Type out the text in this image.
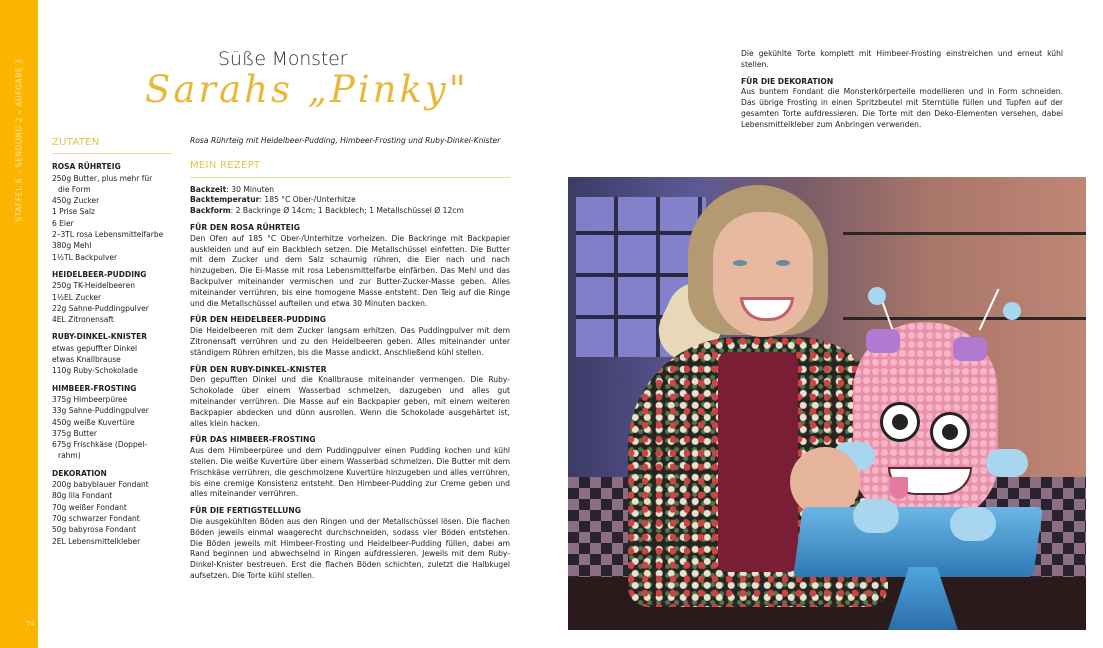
STAFFEL 6 – SENDUNG 2 – AUFGABE 3
74
Süße Monster
Sarahs „Pinky"
ZUTATEN
ROSA RÜHRTEIG
250g Butter, plus mehr für
die Form
450g Zucker
1 Prise Salz
6 Eier
2–3TL rosa Lebensmittelfarbe
380g Mehl
1½TL Backpulver
HEIDELBEER-PUDDING
250g TK-Heidelbeeren
1½EL Zucker
22g Sahne-Puddingpulver
4EL Zitronensaft
RUBY-DINKEL-KNISTER
etwas gepuffter Dinkel
etwas Knallbrause
110g Ruby-Schokolade
HIMBEER-FROSTING
375g Himbeerpüree
33g Sahne-Puddingpulver
450g weiße Kuvertüre
375g Butter
675g Frischkäse (Doppel-
rahm)
DEKORATION
200g babyblauer Fondant
80g lila Fondant
70g weißer Fondant
70g schwarzer Fondant
50g babyrosa Fondant
2EL Lebensmittelkleber
Rosa Rührteig mit Heidelbeer-Pudding, Himbeer-Frosting und Ruby-Dinkel-Knister
MEIN REZEPT
Backzeit: 30 Minuten
Backtemperatur: 185 °C Ober-/Unterhitze
Backform: 2 Backringe Ø 14cm; 1 Backblech; 1 Metallschüssel Ø 12cm
FÜR DEN ROSA RÜHRTEIG
Den Ofen auf 185 °C Ober-/Unterhitze vorheizen. Die Backringe mit Backpapier auskleiden und auf ein Backblech setzen. Die Metallschüssel einfetten. Die Butter mit dem Zucker und dem Salz schaumig rühren, die Eier nach und nach hinzugeben. Die Ei-Masse mit rosa Lebensmittelfarbe einfärben. Das Mehl und das Backpulver miteinander vermischen und zur Butter-Zucker-Masse geben. Alles miteinander verrühren, bis eine homogene Masse entsteht. Den Teig auf die Ringe und die Metallschüssel aufteilen und etwa 30 Minuten backen.
FÜR DEN HEIDELBEER-PUDDING
Die Heidelbeeren mit dem Zucker langsam erhitzen. Das Puddingpulver mit dem Zitronensaft verrühren und zu den Heidelbeeren geben. Alles miteinander unter ständigem Rühren erhitzen, bis die Masse andickt. Anschließend kühl stellen.
FÜR DEN RUBY-DINKEL-KNISTER
Den gepufften Dinkel und die Knallbrause miteinander vermengen. Die Ruby-Schokolade über einem Wasserbad schmelzen, dazugeben und alles gut miteinander verrühren. Die Masse auf ein Backpapier geben, mit einem weiteren Backpapier abdecken und dünn ausrollen. Wenn die Schokolade ausgehärtet ist, alles klein hacken.
FÜR DAS HIMBEER-FROSTING
Aus dem Himbeerpüree und dem Puddingpulver einen Pudding kochen und kühl stellen. Die weiße Kuvertüre über einem Wasserbad schmelzen. Die Butter mit dem Frischkäse verrühren, die geschmolzene Kuvertüre hinzugeben und alles verrühren, bis eine cremige Konsistenz entsteht. Den Himbeer-Pudding zur Creme geben und alles miteinander verrühren.
FÜR DIE FERTIGSTELLUNG
Die ausgekühlten Böden aus den Ringen und der Metallschüssel lösen. Die flachen Böden jeweils einmal waagerecht durchschneiden, sodass vier Böden entstehen. Die Böden jeweils mit Himbeer-Frosting und Heidelbeer-Pudding füllen, dabei am Rand beginnen und abwechselnd in Ringen aufdressieren. Jeweils mit dem Ruby-Dinkel-Knister bestreuen. Erst die flachen Böden schichten, zuletzt die Halbkugel aufsetzen. Die Torte kühl stellen.
Die gekühlte Torte komplett mit Himbeer-Frosting einstreichen und erneut kühl stellen.
FÜR DIE DEKORATION
Aus buntem Fondant die Monsterkörperteile modellieren und in Form schneiden. Das übrige Frosting in einen Spritzbeutel mit Sterntülle füllen und Tupfen auf der gesamten Torte aufdressieren. Die Torte mit den Deko-Elementen versehen, dabei Lebensmittelkleber zum Anbringen verwenden.
